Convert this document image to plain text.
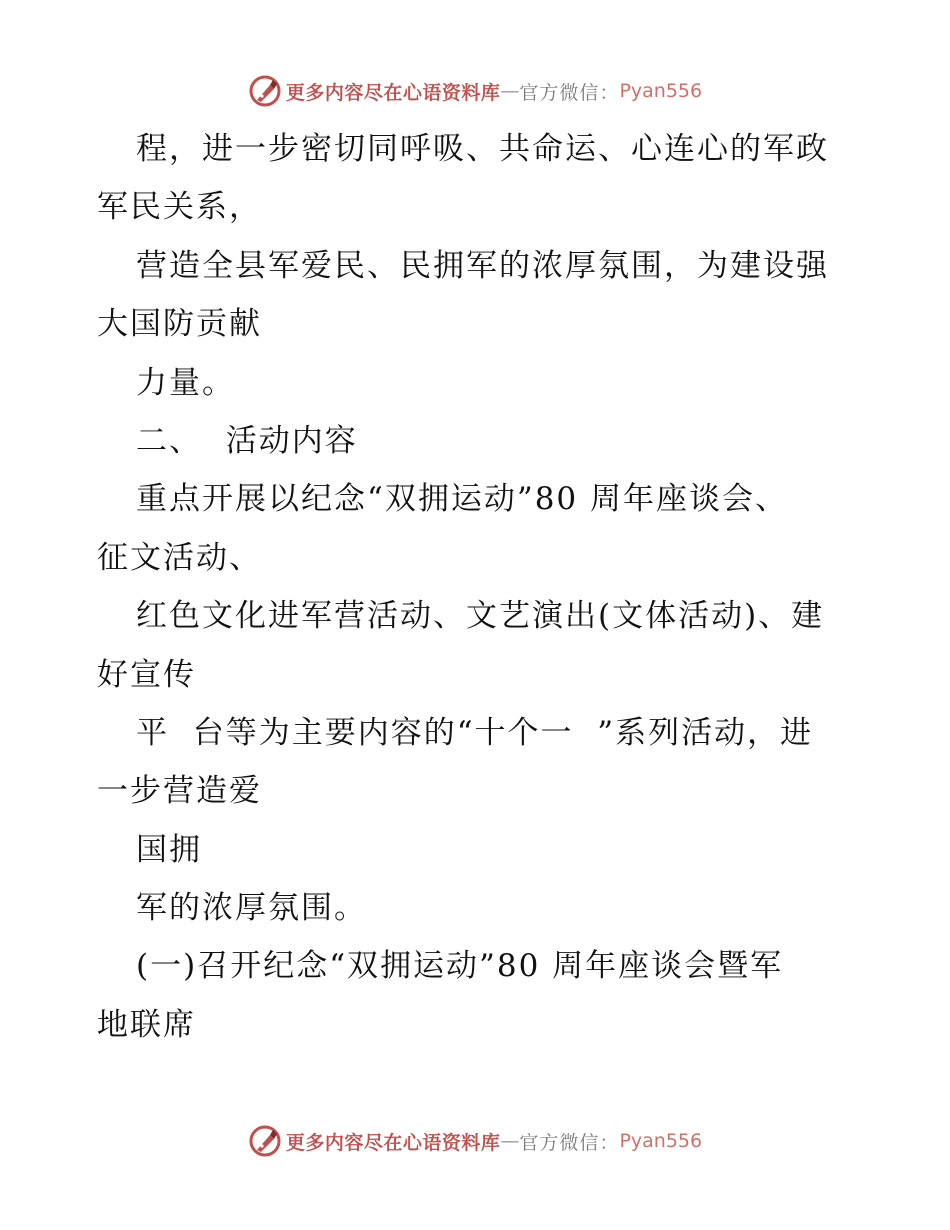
更多内容尽在心语资料库 — 官方微信： Pyan556
程，进一步密切同呼吸、共命运、心连心的军政
军民关系，
营造全县军爱民、民拥军的浓厚氛围，为建设强
大国防贡献
力量。
二、  活动内容
重点开展以纪念“双拥运动”80 周年座谈会、
征文活动、
红色文化进军营活动、文艺演出(文体活动)、建
好宣传
平  台等为主要内容的“十个一  ”系列活动，进
一步营造爱
国拥
军的浓厚氛围。
(一)召开纪念“双拥运动”80 周年座谈会暨军
地联席
更多内容尽在心语资料库 — 官方微信： Pyan556
